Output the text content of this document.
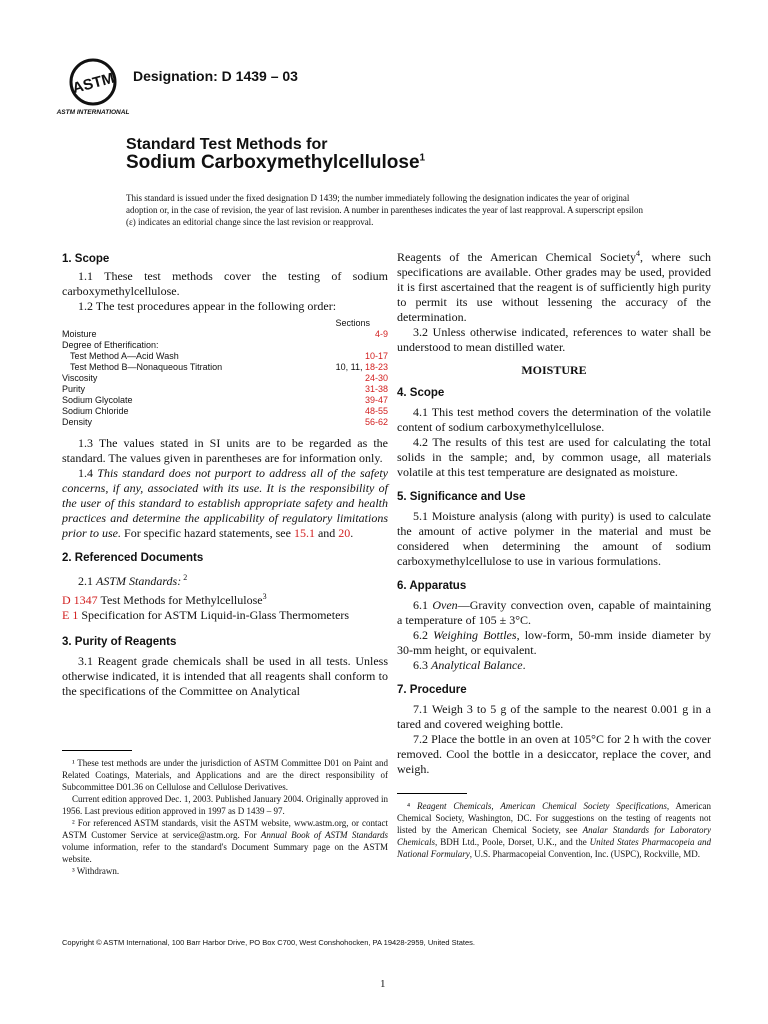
ASTM
ASTM INTERNATIONAL
Designation: D 1439 – 03
Standard Test Methods for
Sodium Carboxymethylcellulose$^1$
This standard is issued under the fixed designation D 1439; the number immediately following the designation indicates the year of original adoption or, in the case of revision, the year of last revision. A number in parentheses indicates the year of last reapproval. A superscript epsilon (ε) indicates an editorial change since the last revision or reapproval.
1. Scope

1.1 These test methods cover the testing of sodium carboxymethylcellulose.

1.2 The test procedures appear in the following order:

Sections
Moisture	4-9
Degree of Etherification:	
Test Method A—Acid Wash	10-17
Test Method B—Nonaqueous Titration	10, 11, 18-23
Viscosity	24-30
Purity	31-38
Sodium Glycolate	39-47
Sodium Chloride	48-55
Density	56-62

1.3 The values stated in SI units are to be regarded as the standard. The values given in parentheses are for information only.

1.4 This standard does not purport to address all of the safety concerns, if any, associated with its use. It is the responsibility of the user of this standard to establish appropriate safety and health practices and determine the applicability of regulatory limitations prior to use. For specific hazard statements, see 15.1 and 20.

2. Referenced Documents

2.1 ASTM Standards: $^2$

D 1347 Test Methods for Methylcellulose$^3$

E 1 Specification for ASTM Liquid-in-Glass Thermometers

3. Purity of Reagents

3.1 Reagent grade chemicals shall be used in all tests. Unless otherwise indicated, it is intended that all reagents shall conform to the specifications of the Committee on Analytical

¹ These test methods are under the jurisdiction of ASTM Committee D01 on Paint and Related Coatings, Materials, and Applications and are the direct responsibility of Subcommittee D01.36 on Cellulose and Cellulose Derivatives.

Current edition approved Dec. 1, 2003. Published January 2004. Originally approved in 1956. Last previous edition approved in 1997 as D 1439 – 97.

² For referenced ASTM standards, visit the ASTM website, www.astm.org, or contact ASTM Customer Service at service@astm.org. For Annual Book of ASTM Standards volume information, refer to the standard's Document Summary page on the ASTM website.

³ Withdrawn.

Reagents of the American Chemical Society$^4$, where such specifications are available. Other grades may be used, provided it is first ascertained that the reagent is of sufficiently high purity to permit its use without lessening the accuracy of the determination.

3.2 Unless otherwise indicated, references to water shall be understood to mean distilled water.

MOISTURE
4. Scope

4.1 This test method covers the determination of the volatile content of sodium carboxymethylcellulose.

4.2 The results of this test are used for calculating the total solids in the sample; and, by common usage, all materials volatile at this test temperature are designated as moisture.

5. Significance and Use

5.1 Moisture analysis (along with purity) is used to calculate the amount of active polymer in the material and must be considered when determining the amount of sodium carboxymethylcellulose to use in various formulations.

6. Apparatus

6.1 Oven—Gravity convection oven, capable of maintaining a temperature of 105 ± 3°C.

6.2 Weighing Bottles, low-form, 50-mm inside diameter by 30-mm height, or equivalent.

6.3 Analytical Balance.

7. Procedure

7.1 Weigh 3 to 5 g of the sample to the nearest 0.001 g in a tared and covered weighing bottle.

7.2 Place the bottle in an oven at 105°C for 2 h with the cover removed. Cool the bottle in a desiccator, replace the cover, and weigh.

⁴ Reagent Chemicals, American Chemical Society Specifications, American Chemical Society, Washington, DC. For suggestions on the testing of reagents not listed by the American Chemical Society, see Analar Standards for Laboratory Chemicals, BDH Ltd., Poole, Dorset, U.K., and the United States Pharmacopeia and National Formulary, U.S. Pharmacopeial Convention, Inc. (USPC), Rockville, MD.

Copyright © ASTM International, 100 Barr Harbor Drive, PO Box C700, West Conshohocken, PA 19428-2959, United States.
1
